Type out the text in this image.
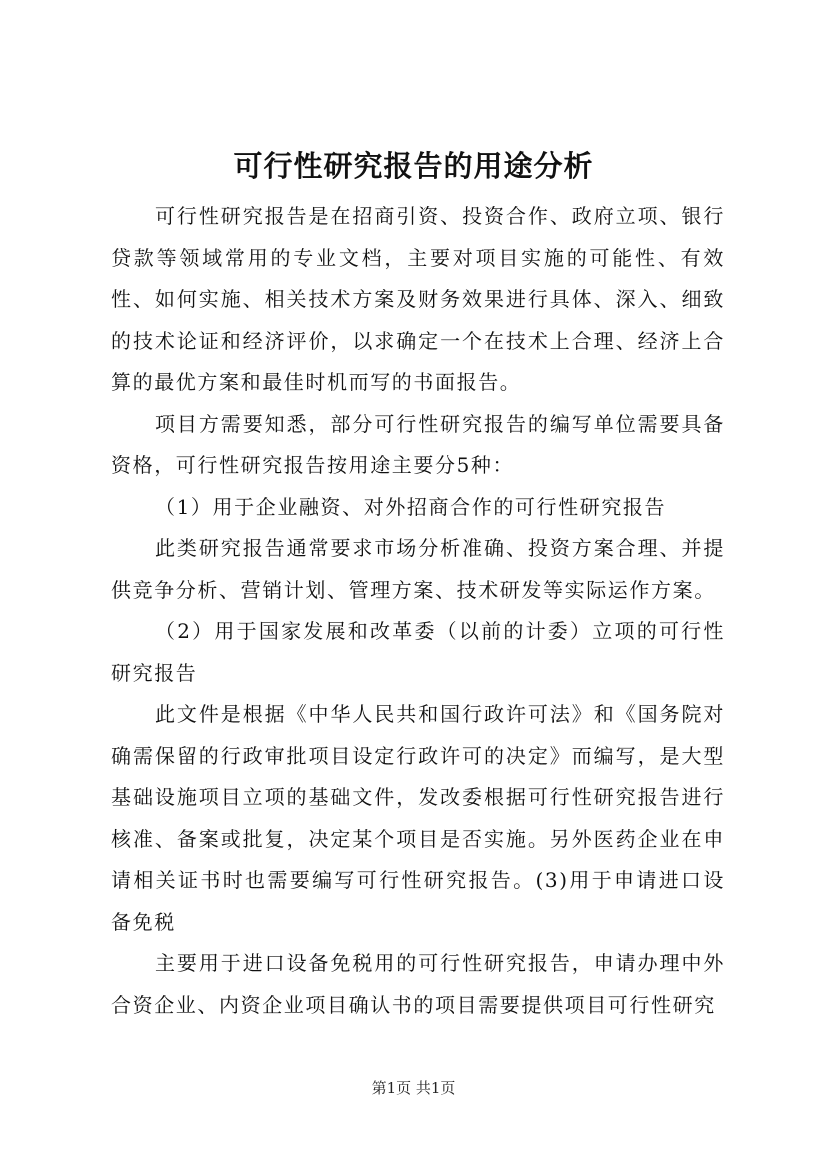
可行性研究报告的用途分析

可行性研究报告是在招商引资、投资合作、政府立项、银行贷款等领域常用的专业文档，主要对项目实施的可能性、有效性、如何实施、相关技术方案及财务效果进行具体、深入、细致的技术论证和经济评价，以求确定一个在技术上合理、经济上合算的最优方案和最佳时机而写的书面报告。

项目方需要知悉，部分可行性研究报告的编写单位需要具备资格，可行性研究报告按用途主要分5种：

（1）用于企业融资、对外招商合作的可行性研究报告

此类研究报告通常要求市场分析准确、投资方案合理、并提供竞争分析、营销计划、管理方案、技术研发等实际运作方案。

（2）用于国家发展和改革委（以前的计委）立项的可行性研究报告

此文件是根据《中华人民共和国行政许可法》和《国务院对确需保留的行政审批项目设定行政许可的决定》而编写，是大型基础设施项目立项的基础文件，发改委根据可行性研究报告进行核准、备案或批复，决定某个项目是否实施。另外医药企业在申请相关证书时也需要编写可行性研究报告。(3)用于申请进口设备免税

主要用于进口设备免税用的可行性研究报告，申请办理中外合资企业、内资企业项目确认书的项目需要提供项目可行性研究

第1页 共1页
